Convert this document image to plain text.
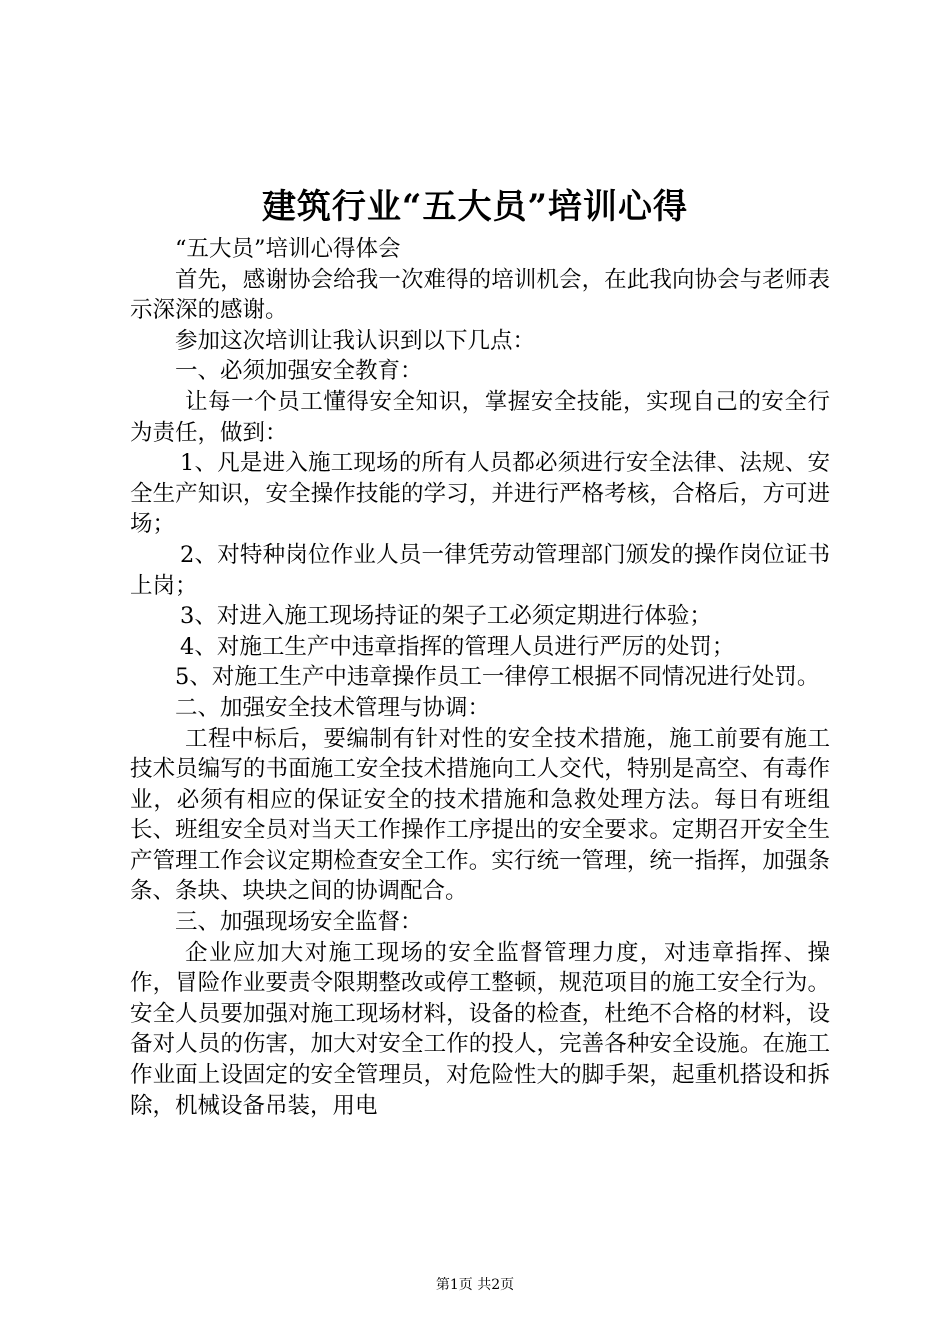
建筑行业“五大员”培训心得

“五大员”培训心得体会

首先，感谢协会给我一次难得的培训机会，在此我向协会与老师表示深深的感谢。

参加这次培训让我认识到以下几点：

一、必须加强安全教育：

让每一个员工懂得安全知识，掌握安全技能，实现自己的安全行为责任，做到：

1、凡是进入施工现场的所有人员都必须进行安全法律、法规、安全生产知识，安全操作技能的学习，并进行严格考核，合格后，方可进场；

2、对特种岗位作业人员一律凭劳动管理部门颁发的操作岗位证书上岗；

3、对进入施工现场持证的架子工必须定期进行体验；

4、对施工生产中违章指挥的管理人员进行严厉的处罚；

5、对施工生产中违章操作员工一律停工根据不同情况进行处罚。

二、加强安全技术管理与协调：

工程中标后，要编制有针对性的安全技术措施，施工前要有施工技术员编写的书面施工安全技术措施向工人交代，特别是高空、有毒作业，必须有相应的保证安全的技术措施和急救处理方法。每日有班组长、班组安全员对当天工作操作工序提出的安全要求。定期召开安全生产管理工作会议定期检查安全工作。实行统一管理，统一指挥，加强条条、条块、块块之间的协调配合。

三、加强现场安全监督：

企业应加大对施工现场的安全监督管理力度，对违章指挥、操作，冒险作业要责令限期整改或停工整顿，规范项目的施工安全行为。安全人员要加强对施工现场材料，设备的检查，杜绝不合格的材料，设备对人员的伤害，加大对安全工作的投人，完善各种安全设施。在施工作业面上设固定的安全管理员，对危险性大的脚手架，起重机搭设和拆除，机械设备吊装，用电

第1页 共2页
